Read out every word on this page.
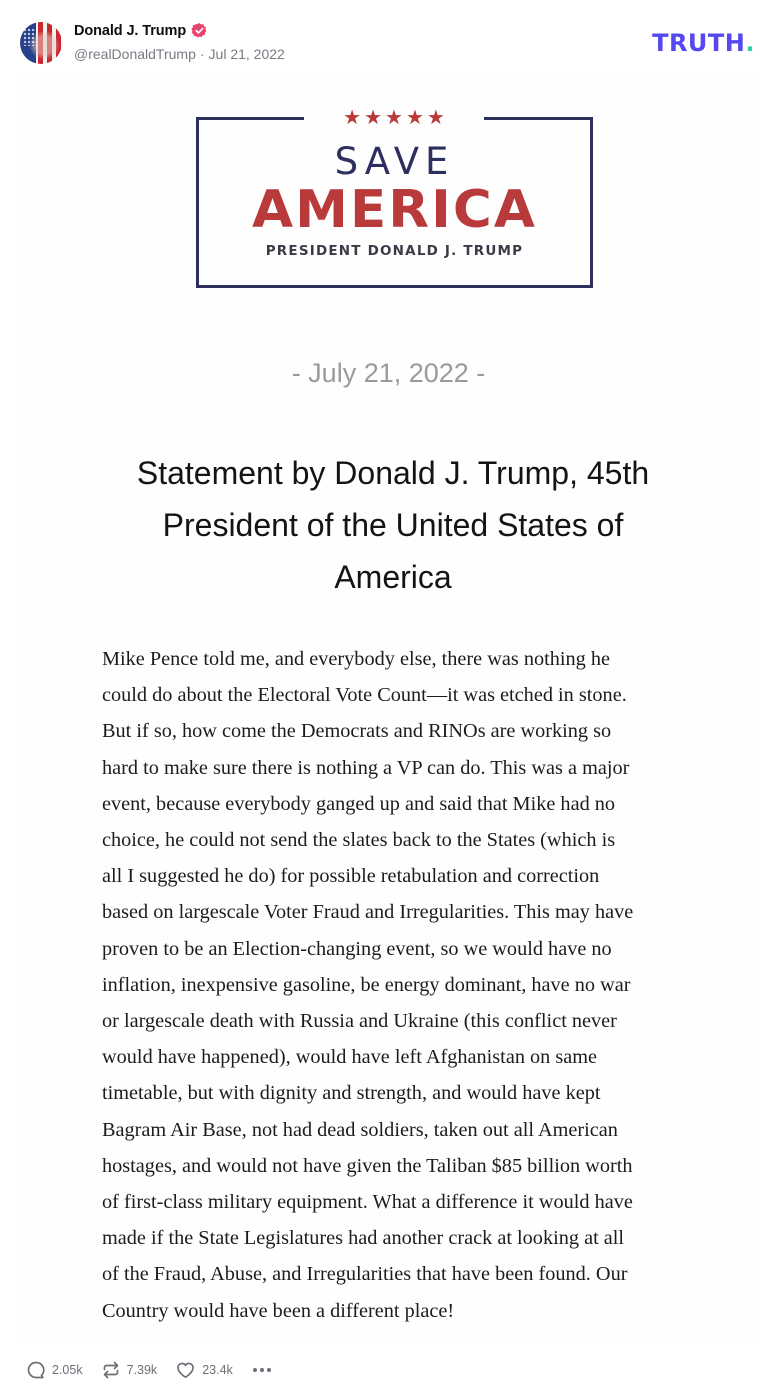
Donald J. Trump
@realDonaldTrump · Jul 21, 2022	TRUTH.
★★★★★
SAVE
AMERICA
PRESIDENT DONALD J. TRUMP
- July 21, 2022 -
Statement by Donald J. Trump, 45th
President of the United States of
America
Mike Pence told me, and everybody else, there was nothing he
could do about the Electoral Vote Count—it was etched in stone.
But if so, how come the Democrats and RINOs are working so
hard to make sure there is nothing a VP can do. This was a major
event, because everybody ganged up and said that Mike had no
choice, he could not send the slates back to the States (which is
all I suggested he do) for possible retabulation and correction
based on largescale Voter Fraud and Irregularities. This may have
proven to be an Election-changing event, so we would have no
inflation, inexpensive gasoline, be energy dominant, have no war
or largescale death with Russia and Ukraine (this conflict never
would have happened), would have left Afghanistan on same
timetable, but with dignity and strength, and would have kept
Bagram Air Base, not had dead soldiers, taken out all American
hostages, and would not have given the Taliban $85 billion worth
of first-class military equipment. What a difference it would have
made if the State Legislatures had another crack at looking at all
of the Fraud, Abuse, and Irregularities that have been found. Our
Country would have been a different place!
2.05k	7.39k	23.4k
